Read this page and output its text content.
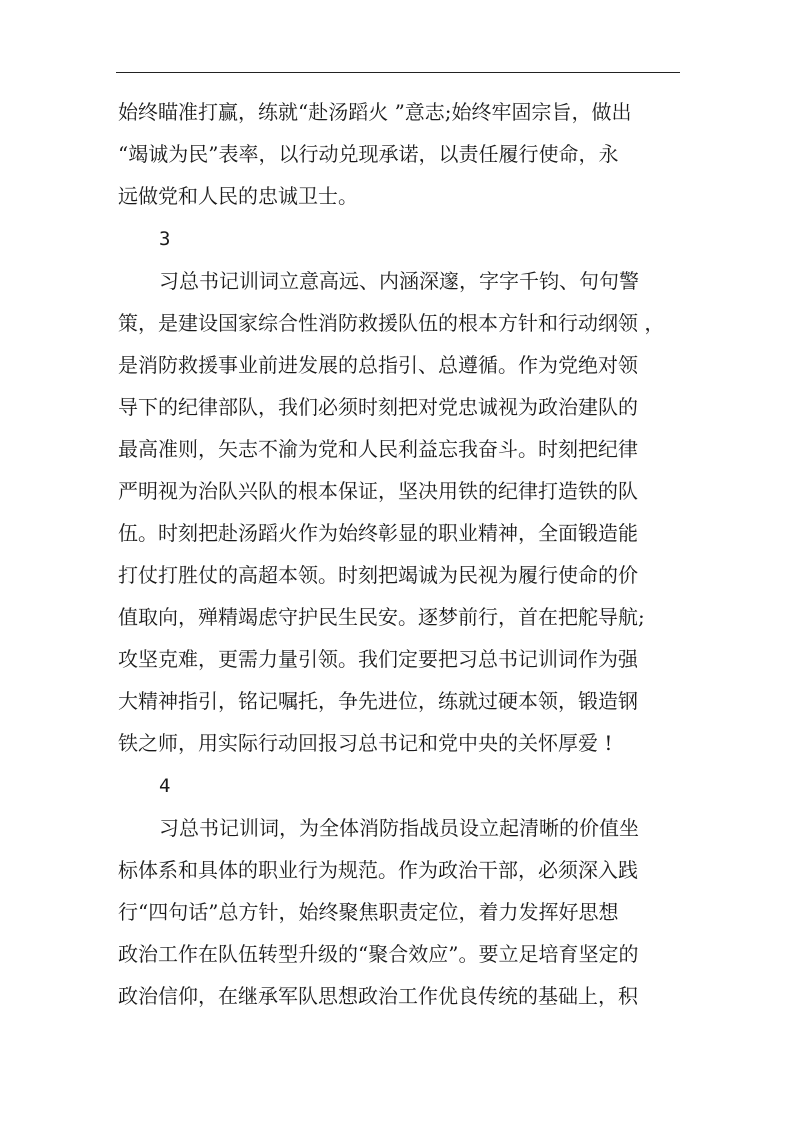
始终瞄准打赢，练就“赴汤蹈火 ”意志;始终牢固宗旨，做出
“竭诚为民”表率，以行动兑现承诺，以责任履行使命，永
远做党和人民的忠诚卫士。
3
习总书记训词立意高远、内涵深邃，字字千钧、句句警
策，是建设国家综合性消防救援队伍的根本方针和行动纲领 ，
是消防救援事业前进发展的总指引、总遵循。作为党绝对领
导下的纪律部队，我们必须时刻把对党忠诚视为政治建队的
最高准则，矢志不渝为党和人民利益忘我奋斗。时刻把纪律
严明视为治队兴队的根本保证，坚决用铁的纪律打造铁的队
伍。时刻把赴汤蹈火作为始终彰显的职业精神，全面锻造能
打仗打胜仗的高超本领。时刻把竭诚为民视为履行使命的价
值取向，殚精竭虑守护民生民安。逐梦前行，首在把舵导航;
攻坚克难，更需力量引领。我们定要把习总书记训词作为强
大精神指引，铭记嘱托，争先进位，练就过硬本领，锻造钢
铁之师，用实际行动回报习总书记和党中央的关怀厚爱 !
4
习总书记训词，为全体消防指战员设立起清晰的价值坐
标体系和具体的职业行为规范。作为政治干部，必须深入践
行“四句话”总方针，始终聚焦职责定位，着力发挥好思想
政治工作在队伍转型升级的“聚合效应”。要立足培育坚定的
政治信仰，在继承军队思想政治工作优良传统的基础上，积
